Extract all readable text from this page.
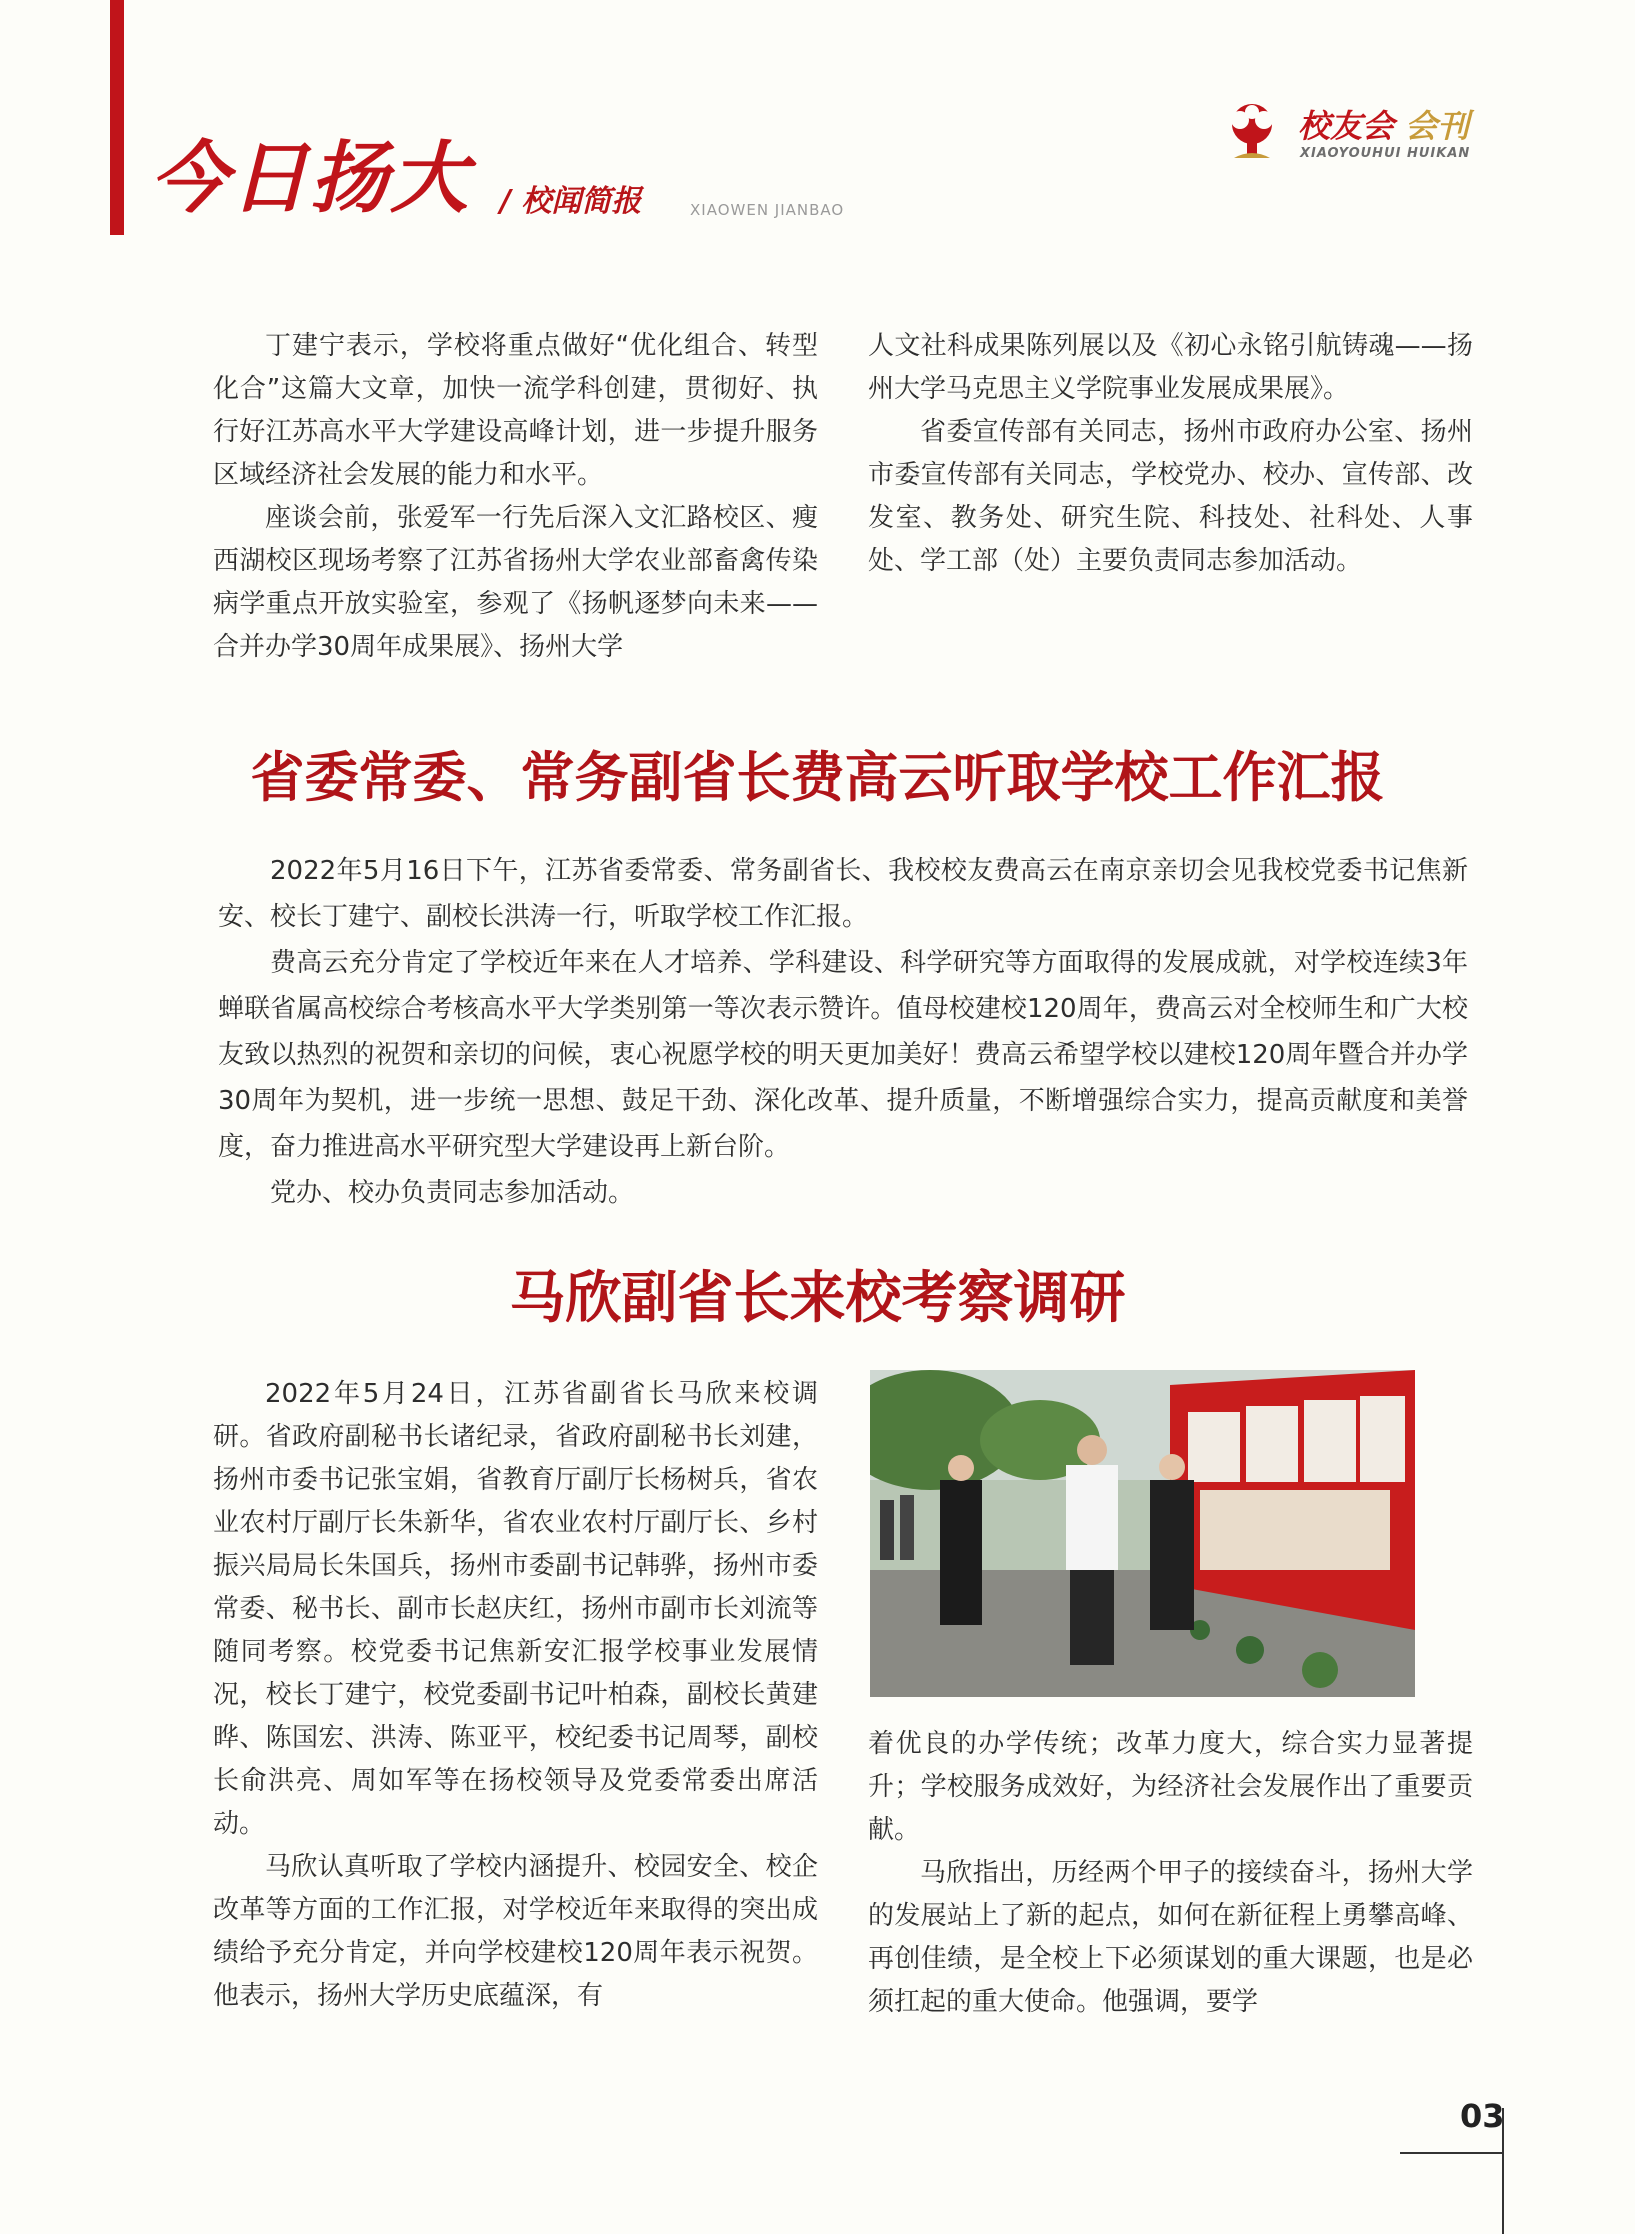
今日扬大 / 校闻简报	XIAOWEN JIANBAO
校友会 会刊
XIAOYOUHUI HUIKAN

丁建宁表示，学校将重点做好“优化组合、转型化合”这篇大文章，加快一流学科创建，贯彻好、执行好江苏高水平大学建设高峰计划，进一步提升服务区域经济社会发展的能力和水平。

座谈会前，张爱军一行先后深入文汇路校区、瘦西湖校区现场考察了江苏省扬州大学农业部畜禽传染病学重点开放实验室，参观了《扬帆逐梦向未来——合并办学30周年成果展》、扬州大学

人文社科成果陈列展以及《初心永铭引航铸魂——扬州大学马克思主义学院事业发展成果展》。

省委宣传部有关同志，扬州市政府办公室、扬州市委宣传部有关同志，学校党办、校办、宣传部、改发室、教务处、研究生院、科技处、社科处、人事处、学工部（处）主要负责同志参加活动。

省委常委、常务副省长费高云听取学校工作汇报

2022年5月16日下午，江苏省委常委、常务副省长、我校校友费高云在南京亲切会见我校党委书记焦新安、校长丁建宁、副校长洪涛一行，听取学校工作汇报。

费高云充分肯定了学校近年来在人才培养、学科建设、科学研究等方面取得的发展成就，对学校连续3年蝉联省属高校综合考核高水平大学类别第一等次表示赞许。值母校建校120周年，费高云对全校师生和广大校友致以热烈的祝贺和亲切的问候，衷心祝愿学校的明天更加美好！费高云希望学校以建校120周年暨合并办学30周年为契机，进一步统一思想、鼓足干劲、深化改革、提升质量，不断增强综合实力，提高贡献度和美誉度，奋力推进高水平研究型大学建设再上新台阶。

党办、校办负责同志参加活动。

马欣副省长来校考察调研

2022年5月24日，江苏省副省长马欣来校调研。省政府副秘书长诸纪录，省政府副秘书长刘建，扬州市委书记张宝娟，省教育厅副厅长杨树兵，省农业农村厅副厅长朱新华，省农业农村厅副厅长、乡村振兴局局长朱国兵，扬州市委副书记韩骅，扬州市委常委、秘书长、副市长赵庆红，扬州市副市长刘流等随同考察。校党委书记焦新安汇报学校事业发展情况，校长丁建宁，校党委副书记叶柏森，副校长黄建晔、陈国宏、洪涛、陈亚平，校纪委书记周琴，副校长俞洪亮、周如军等在扬校领导及党委常委出席活动。

马欣认真听取了学校内涵提升、校园安全、校企改革等方面的工作汇报，对学校近年来取得的突出成绩给予充分肯定，并向学校建校120周年表示祝贺。他表示，扬州大学历史底蕴深，有

着优良的办学传统；改革力度大，综合实力显著提升；学校服务成效好，为经济社会发展作出了重要贡献。

马欣指出，历经两个甲子的接续奋斗，扬州大学的发展站上了新的起点，如何在新征程上勇攀高峰、再创佳绩，是全校上下必须谋划的重大课题，也是必须扛起的重大使命。他强调，要学

03
